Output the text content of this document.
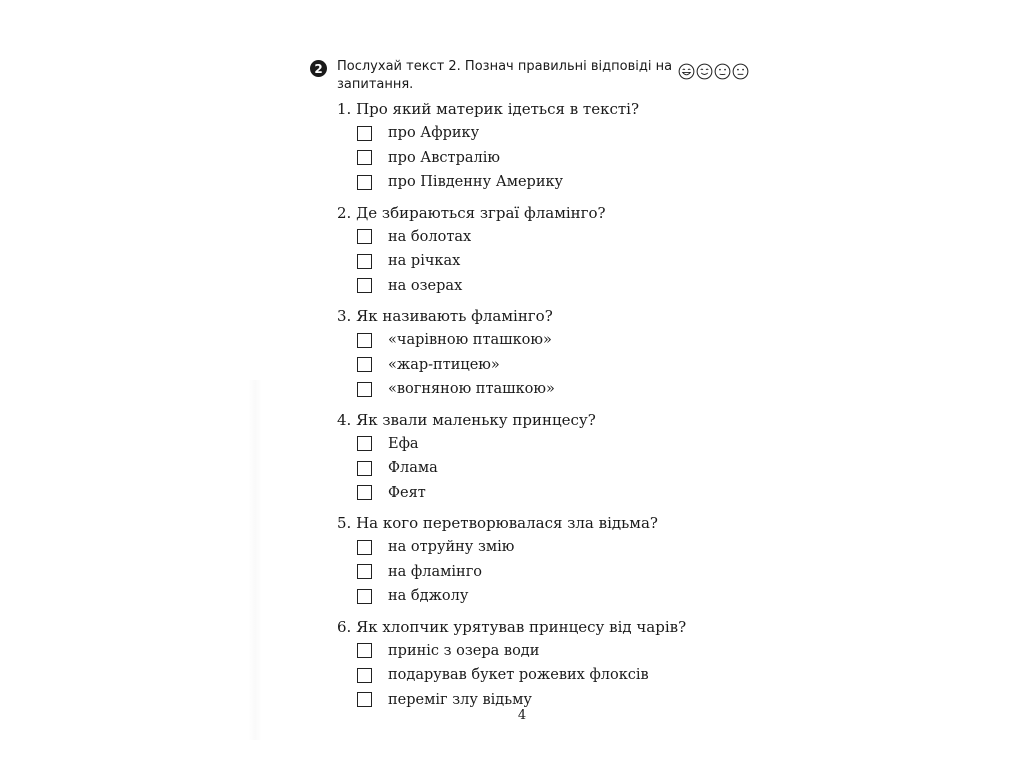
2	Послухай текст 2. Познач правильні відповіді на запитання.
1. Про який материк ідеться в тексті?
про Африку
про Австралію
про Південну Америку
2. Де збираються зграї фламінго?
на болотах
на річках
на озерах
3. Як називають фламінго?
«чарівною пташкою»
«жар-птицею»
«вогняною пташкою»
4. Як звали маленьку принцесу?
Ефа
Флама
Феят
5. На кого перетворювалася зла відьма?
на отруйну змію
на фламінго
на бджолу
6. Як хлопчик урятував принцесу від чарів?
приніс з озера води
подарував букет рожевих флоксів
переміг злу відьму
4
